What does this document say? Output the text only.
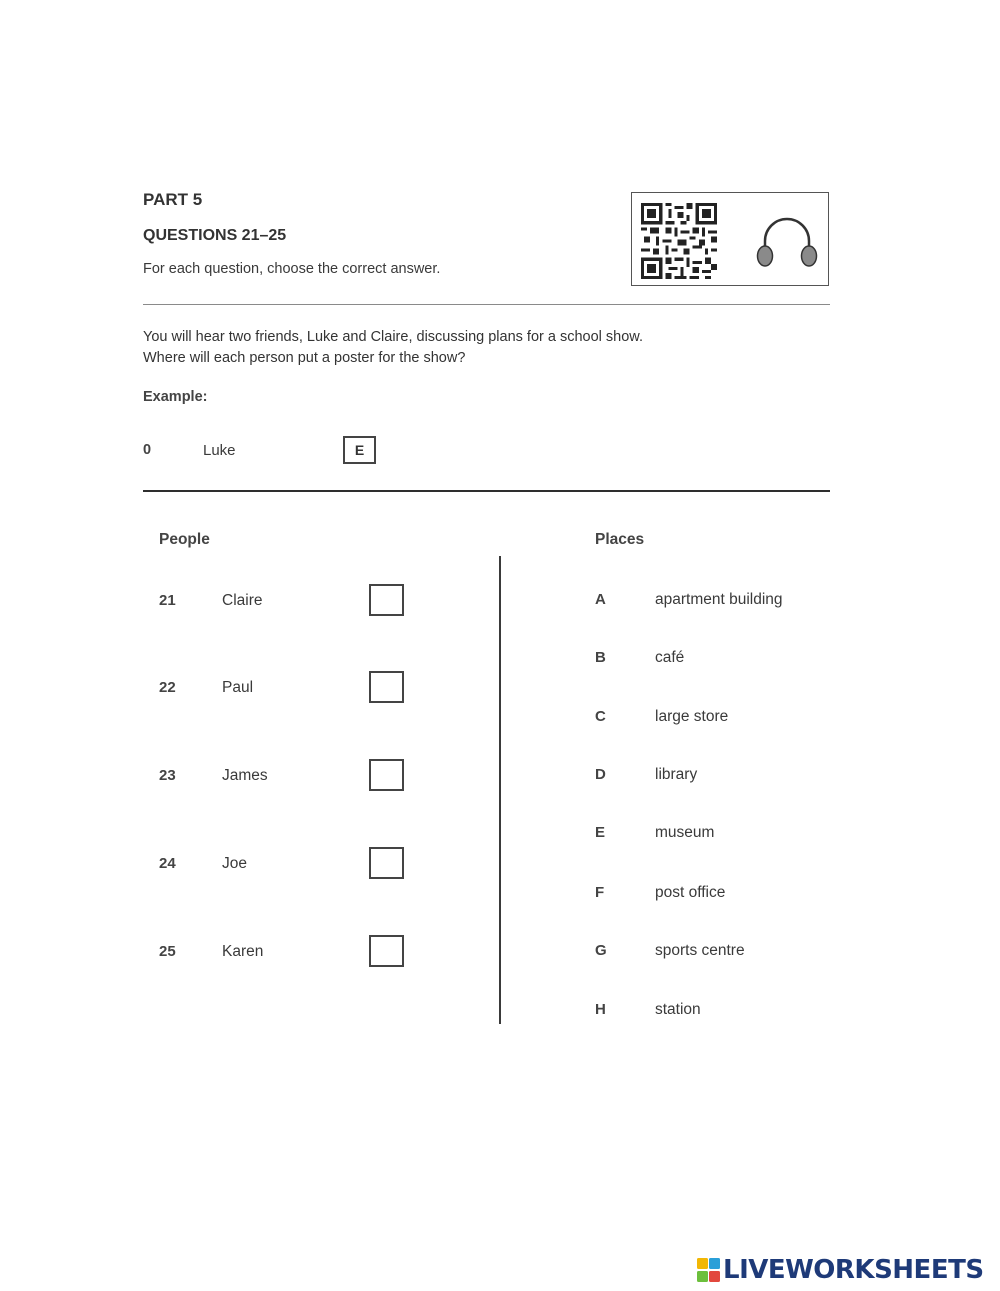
PART 5
QUESTIONS 21–25
For each question, choose the correct answer.
You will hear two friends, Luke and Claire, discussing plans for a school show.
Where will each person put a poster for the show?
Example:
0	Luke	E
People	Places
21	Claire
22	Paul
23	James
24	Joe
25	Karen
A	apartment building
B	café
C	large store
D	library
E	museum
F	post office
G	sports centre
H	station
LIVEWORKSHEETS
